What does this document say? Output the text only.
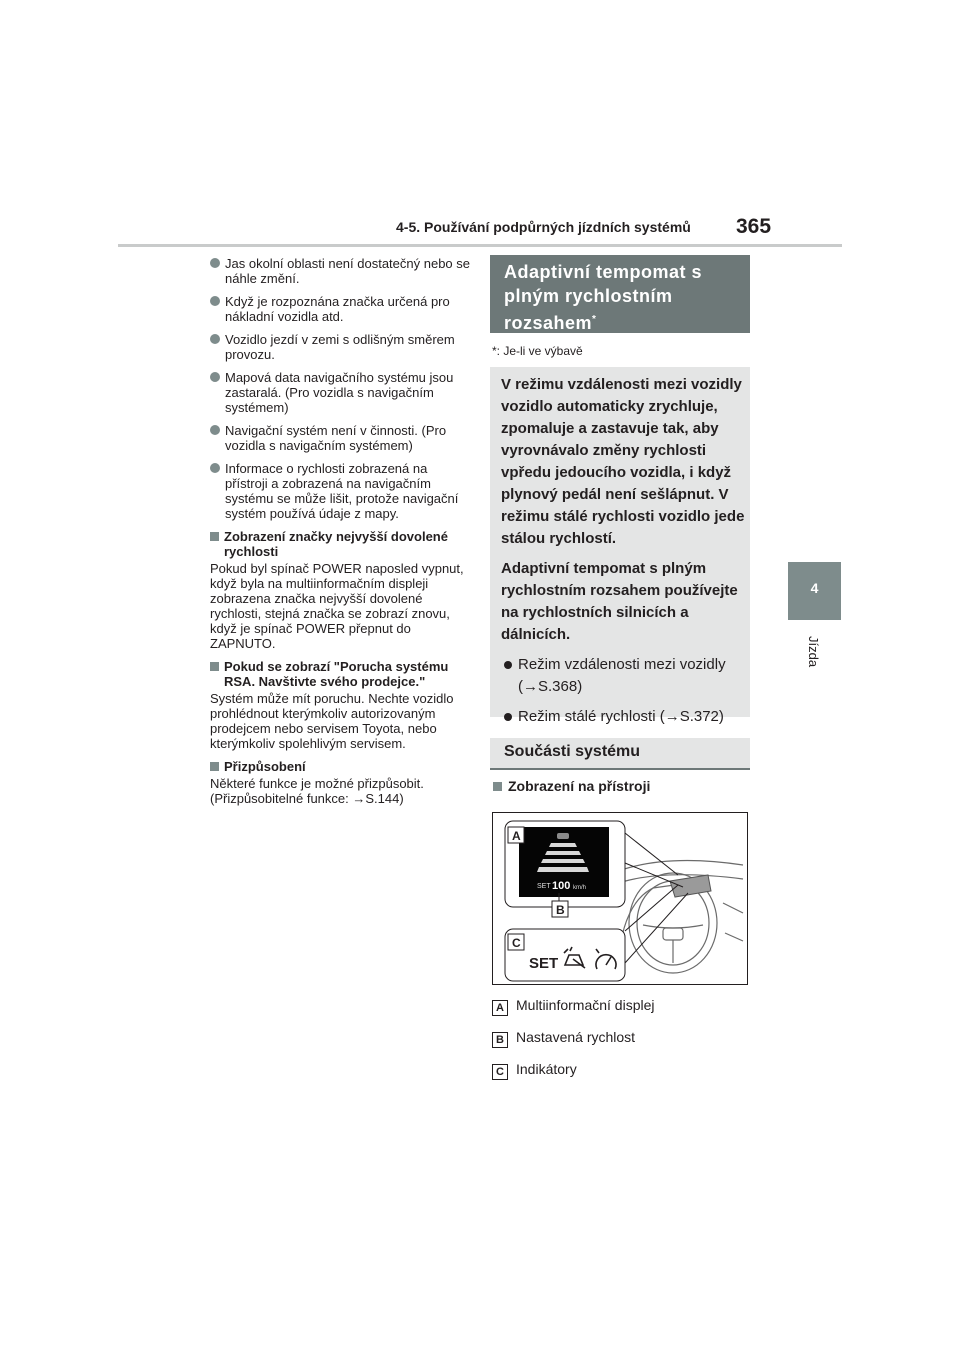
4-5. Používání podpůrných jízdních systémů 365
4
Jízda
Jas okolní oblasti není dostatečný nebo se náhle změní.
Když je rozpoznána značka určená pro nákladní vozidla atd.
Vozidlo jezdí v zemi s odlišným směrem provozu.
Mapová data navigačního systému jsou zastaralá. (Pro vozidla s navigačním systémem)
Navigační systém není v činnosti. (Pro vozidla s navigačním systémem)
Informace o rychlosti zobrazená na přístroji a zobrazená na navigačním systému se může lišit, protože navigační systém používá údaje z mapy.
Zobrazení značky nejvyšší dovolené rychlosti
Pokud byl spínač POWER naposled vypnut, když byla na multiinformačním displeji zobrazena značka nejvyšší dovolené rychlosti, stejná značka se zobrazí znovu, když je spínač POWER přepnut do ZAPNUTO.
Pokud se zobrazí "Porucha systému RSA. Navštivte svého prodejce."
Systém může mít poruchu. Nechte vozidlo prohlédnout kterýmkoliv autorizovaným prodejcem nebo servisem Toyota, nebo kterýmkoliv spolehlivým servisem.
Přizpůsobení
Některé funkce je možné přizpůsobit. (Přizpůsobitelné funkce: →S.144)
Adaptivní tempomat s plným rychlostním rozsahem*
*: Je-li ve výbavě

V režimu vzdálenosti mezi vozidly vozidlo automaticky zrychluje, zpomaluje a zastavuje tak, aby vyrovnávalo změny rychlosti vpředu jedoucího vozidla, i když plynový pedál není sešlápnut. V režimu stálé rychlosti vozidlo jede stálou rychlostí.

Adaptivní tempomat s plným rychlostním rozsahem používejte na rychlostních silnicích a dálnicích.

Režim vzdálenosti mezi vozidly (→S.368)
Režim stálé rychlosti (→S.372)
Součásti systému
Zobrazení na přístroji
SET 100 km/h
SET
A
B
C
A Multiinformační displej
B Nastavená rychlost
C Indikátory
